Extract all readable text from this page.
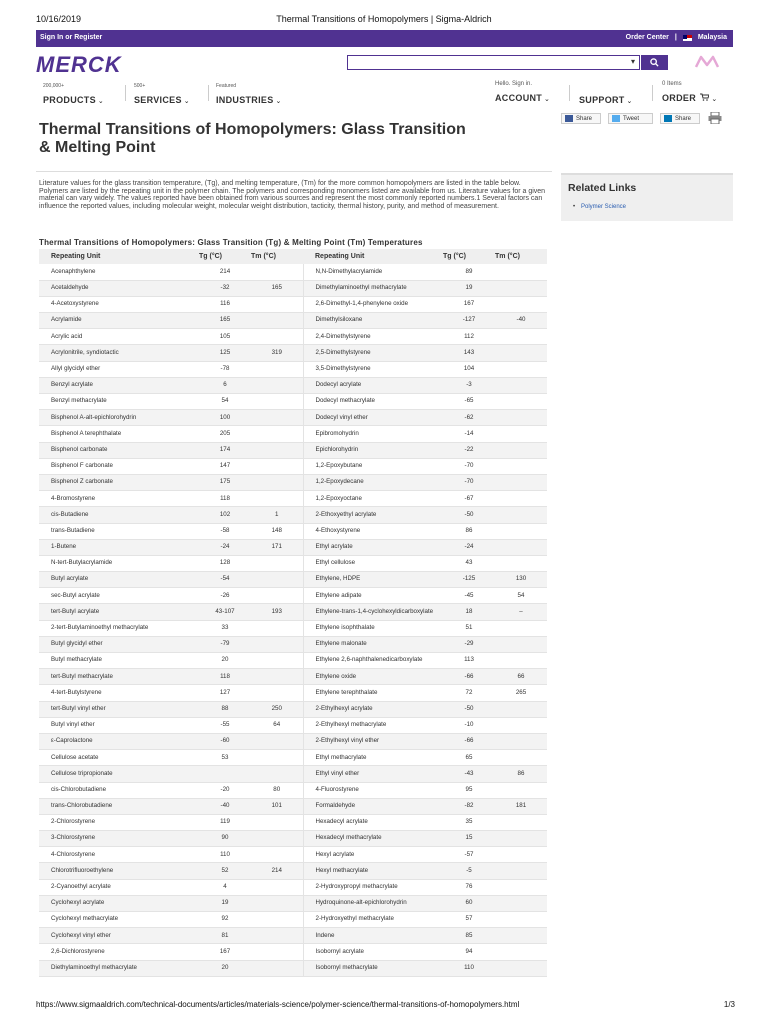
10/16/2019	Thermal Transitions of Homopolymers | Sigma-Aldrich
Sign In or Register	Order Center |	Malaysia
MERCK	▾
200,000+
PRODUCTS ⌄
500+
SERVICES ⌄
Featured
INDUSTRIES ⌄
Hello. Sign in.
ACCOUNT ⌄	SUPPORT ⌄
0 Items
ORDER  ⌄
Share	Tweet	Share
Thermal Transitions of Homopolymers: Glass Transition & Melting Point

Literature values for the glass transition temperature, (Tg), and melting temperature, (Tm) for the more common homopolymers are listed in the table below. Polymers are listed by the repeating unit in the polymer chain. The polymers and corresponding monomers listed are available from us. Literature values for a given material can vary widely. The values reported have been obtained from various sources and represent the most commonly reported numbers.1 Several factors can influence the reported values, including molecular weight, molecular weight distribution, tacticity, thermal history, purity, and method of measurement.

Related Links
• Polymer Science
Thermal Transitions of Homopolymers: Glass Transition (Tg) & Melting Point (Tm) Temperatures
Repeating Unit	Tg (°C)	Tm (°C)	Repeating Unit	Tg (°C)	Tm (°C)
Acenaphthylene	214		N,N-Dimethylacrylamide	89	
Acetaldehyde	-32	165	Dimethylaminoethyl methacrylate	19	
4-Acetoxystyrene	116		2,6-Dimethyl-1,4-phenylene oxide	167	
Acrylamide	165		Dimethylsiloxane	-127	-40
Acrylic acid	105		2,4-Dimethylstyrene	112	
Acrylonitrile, syndiotactic	125	319	2,5-Dimethylstyrene	143	
Allyl glycidyl ether	-78		3,5-Dimethylstyrene	104	
Benzyl acrylate	6		Dodecyl acrylate	-3	
Benzyl methacrylate	54		Dodecyl methacrylate	-65	
Bisphenol A-alt-epichlorohydrin	100		Dodecyl vinyl ether	-62	
Bisphenol A terephthalate	205		Epibromohydrin	-14	
Bisphenol carbonate	174		Epichlorohydrin	-22	
Bisphenol F carbonate	147		1,2-Epoxybutane	-70	
Bisphenol Z carbonate	175		1,2-Epoxydecane	-70	
4-Bromostyrene	118		1,2-Epoxyoctane	-67	
cis-Butadiene	102	1	2-Ethoxyethyl acrylate	-50	
trans-Butadiene	-58	148	4-Ethoxystyrene	86	
1-Butene	-24	171	Ethyl acrylate	-24	
N-tert-Butylacrylamide	128		Ethyl cellulose	43	
Butyl acrylate	-54		Ethylene, HDPE	-125	130
sec-Butyl acrylate	-26		Ethylene adipate	-45	54
tert-Butyl acrylate	43-107	193	Ethylene-trans-1,4-cyclohexyldicarboxylate	18	–
2-tert-Butylaminoethyl methacrylate	33		Ethylene isophthalate	51	
Butyl glycidyl ether	-79		Ethylene malonate	-29	
Butyl methacrylate	20		Ethylene 2,6-naphthalenedicarboxylate	113	
tert-Butyl methacrylate	118		Ethylene oxide	-66	66
4-tert-Butylstyrene	127		Ethylene terephthalate	72	265
tert-Butyl vinyl ether	88	250	2-Ethylhexyl acrylate	-50	
Butyl vinyl ether	-55	64	2-Ethylhexyl methacrylate	-10	
ε-Caprolactone	-60		2-Ethylhexyl vinyl ether	-66	
Cellulose acetate	53		Ethyl methacrylate	65	
Cellulose tripropionate			Ethyl vinyl ether	-43	86
cis-Chlorobutadiene	-20	80	4-Fluorostyrene	95	
trans-Chlorobutadiene	-40	101	Formaldehyde	-82	181
2-Chlorostyrene	119		Hexadecyl acrylate	35	
3-Chlorostyrene	90		Hexadecyl methacrylate	15	
4-Chlorostyrene	110		Hexyl acrylate	-57	
Chlorotrifluoroethylene	52	214	Hexyl methacrylate	-5	
2-Cyanoethyl acrylate	4		2-Hydroxypropyl methacrylate	76	
Cyclohexyl acrylate	19		Hydroquinone-alt-epichlorohydrin	60	
Cyclohexyl methacrylate	92		2-Hydroxyethyl methacrylate	57	
Cyclohexyl vinyl ether	81		Indene	85	
2,6-Dichlorostyrene	167		Isobornyl acrylate	94	
Diethylaminoethyl methacrylate	20		Isobornyl methacrylate	110	
https://www.sigmaaldrich.com/technical-documents/articles/materials-science/polymer-science/thermal-transitions-of-homopolymers.html	1/3
